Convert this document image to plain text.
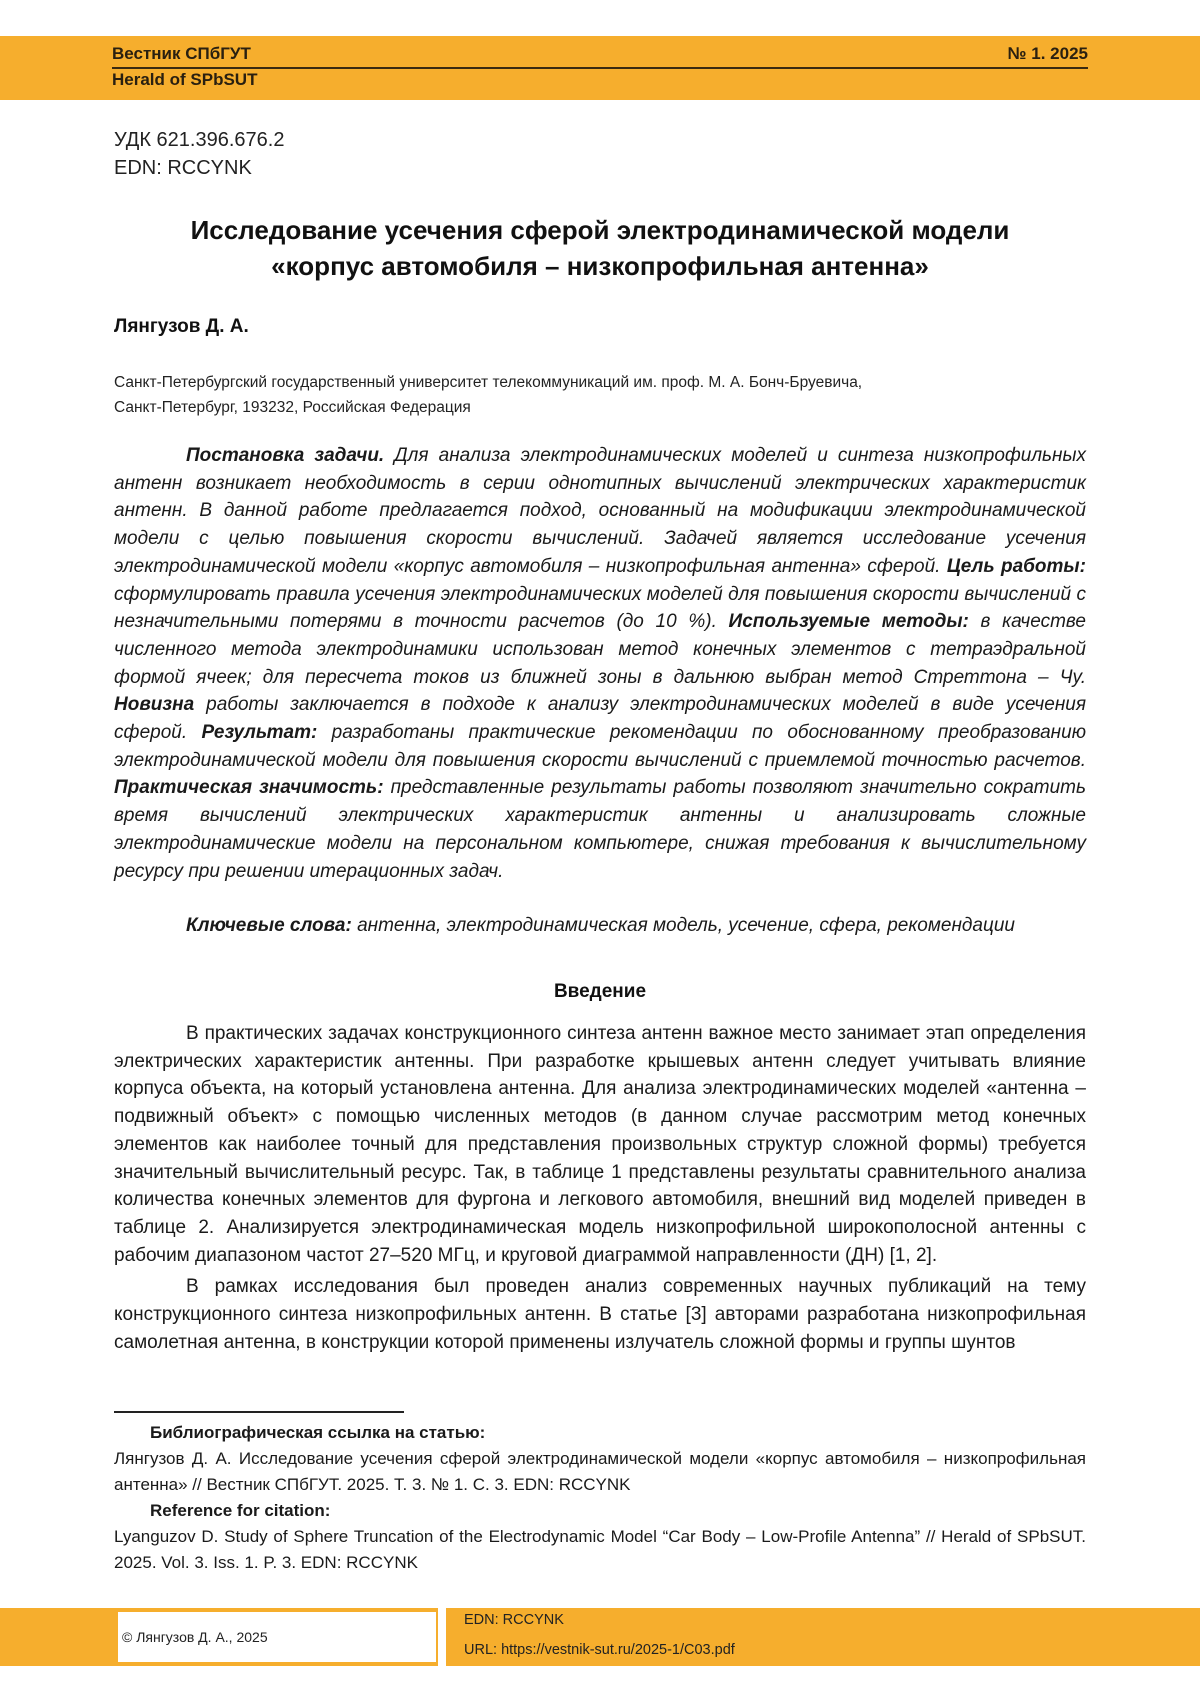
Вестник СПбГУТ
Herald of SPbSUT
№ 1. 2025
УДК 621.396.676.2
EDN: RCCYNK
Исследование усечения сферой электродинамической модели
«корпус автомобиля – низкопрофильная антенна»
Лянгузов Д. А.
Санкт-Петербургский государственный университет телекоммуникаций им. проф. М. А. Бонч-Бруевича,
Санкт-Петербург, 193232, Российская Федерация
Постановка задачи. Для анализа электродинамических моделей и синтеза низкопрофильных антенн возникает необходимость в серии однотипных вычислений электрических характеристик антенн. В данной работе предлагается подход, основанный на модификации электродинамической модели с целью повышения скорости вычислений. Задачей является исследование усечения электродинамической модели «корпус автомобиля – низкопрофильная антенна» сферой. Цель работы: сформулировать правила усечения электродинамических моделей для повышения скорости вычислений с незначительными потерями в точности расчетов (до 10 %). Используемые методы: в качестве численного метода электродинамики использован метод конечных элементов с тетраэдральной формой ячеек; для пересчета токов из ближней зоны в дальнюю выбран метод Стреттона – Чу. Новизна работы заключается в подходе к анализу электродинамических моделей в виде усечения сферой. Результат: разработаны практические рекомендации по обоснованному преобразованию электродинамической модели для повышения скорости вычислений с приемлемой точностью расчетов. Практическая значимость: представленные результаты работы позволяют значительно сократить время вычислений электрических характеристик антенны и анализировать сложные электродинамические модели на персональном компьютере, снижая требования к вычислительному ресурсу при решении итерационных задач.
Ключевые слова: антенна, электродинамическая модель, усечение, сфера, рекомендации
Введение

В практических задачах конструкционного синтеза антенн важное место занимает этап определения электрических характеристик антенны. При разработке крышевых антенн следует учитывать влияние корпуса объекта, на который установлена антенна. Для анализа электродинамических моделей «антенна – подвижный объект» с помощью численных методов (в данном случае рассмотрим метод конечных элементов как наиболее точный для представления произвольных структур сложной формы) требуется значительный вычислительный ресурс. Так, в таблице 1 представлены результаты сравнительного анализа количества конечных элементов для фургона и легкового автомобиля, внешний вид моделей приведен в таблице 2. Анализируется электродинамическая модель низкопрофильной широкополосной антенны с рабочим диапазоном частот 27–520 МГц, и круговой диаграммой направленности (ДН) [1, 2].

В рамках исследования был проведен анализ современных научных публикаций на тему конструкционного синтеза низкопрофильных антенн. В статье [3] авторами разработана низкопрофильная самолетная антенна, в конструкции которой применены излучатель сложной формы и группы шунтов

Библиографическая ссылка на статью:
Лянгузов Д. А. Исследование усечения сферой электродинамической модели «корпус автомобиля – низкопрофильная антенна» // Вестник СПбГУТ. 2025. Т. 3. № 1. С. 3. EDN: RCCYNK
Reference for citation:
Lyanguzov D. Study of Sphere Truncation of the Electrodynamic Model “Car Body – Low-Profile Antenna” // Herald of SPbSUT. 2025. Vol. 3. Iss. 1. P. 3. EDN: RCCYNK
© Лянгузов Д. А., 2025
EDN: RCCYNK
URL: https://vestnik-sut.ru/2025-1/C03.pdf
